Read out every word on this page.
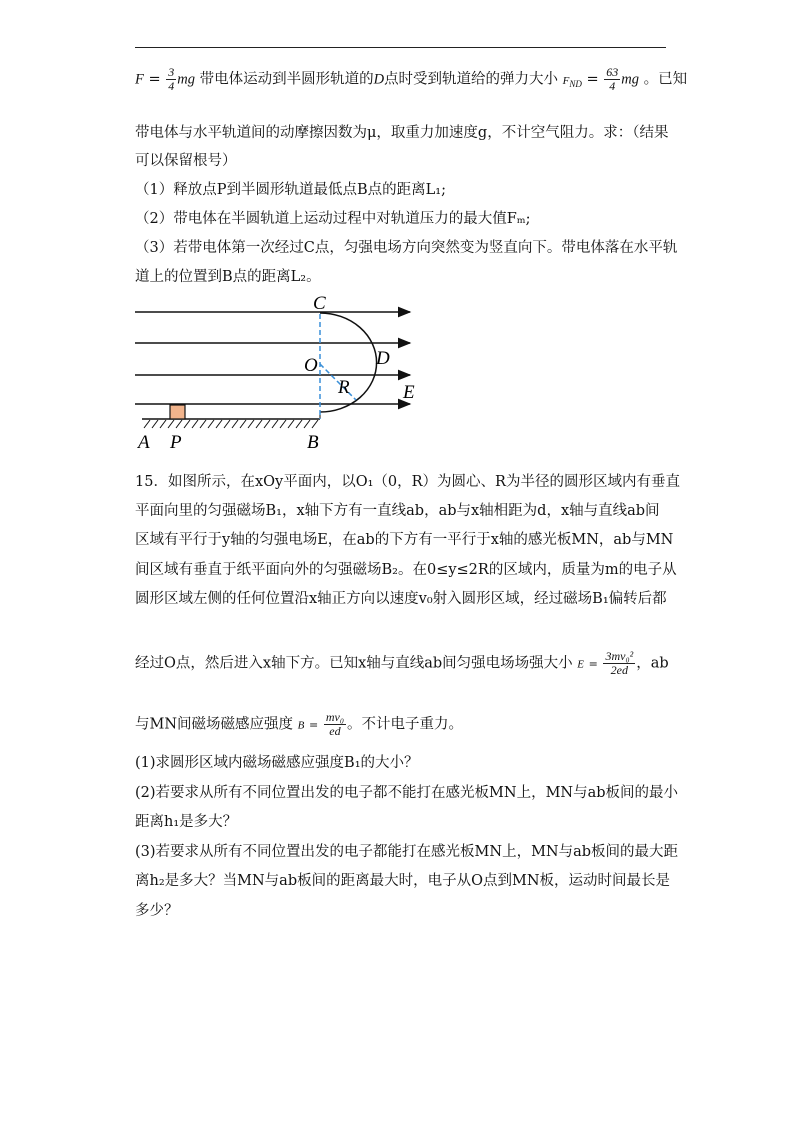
$F = \frac{3}{4}$ mg 带电体运动到半圆形轨道的D点时受到轨道给的弹力大小 $F_{ND} = \frac{63}{4}$ mg 。已知
带电体与水平轨道间的动摩擦因数为μ，取重力加速度g，不计空气阻力。求：（结果
可以保留根号）
（1）释放点P到半圆形轨道最低点B点的距离L₁;
（2）带电体在半圆轨道上运动过程中对轨道压力的最大值Fₘ;
（3）若带电体第一次经过C点，匀强电场方向突然变为竖直向下。带电体落在水平轨
道上的位置到B点的距离L₂。
C
O	D
R	E
A P	B
15．如图所示，在xOy平面内，以O₁（0，R）为圆心、R为半径的圆形区域内有垂直
平面向里的匀强磁场B₁，x轴下方有一直线ab，ab与x轴相距为d，x轴与直线ab间
区域有平行于y轴的匀强电场E，在ab的下方有一平行于x轴的感光板MN，ab与MN
间区域有垂直于纸平面向外的匀强磁场B₂。在0≤y≤2R的区域内，质量为m的电子从
圆形区域左侧的任何位置沿x轴正方向以速度v₀射入圆形区域，经过磁场B₁偏转后都
经过O点，然后进入x轴下方。已知x轴与直线ab间匀强电场场强大小 $E = \frac{\text{3mv₀²}}{2ed}$ ，ab
与MN间磁场磁感应强度 $B = \frac{\text{mv₀}}{ed}$ 。不计电子重力。
(1)求圆形区域内磁场磁感应强度B₁的大小？
(2)若要求从所有不同位置出发的电子都不能打在感光板MN上，MN与ab板间的最小
距离h₁是多大？
(3)若要求从所有不同位置出发的电子都能打在感光板MN上，MN与ab板间的最大距
离h₂是多大？当MN与ab板间的距离最大时，电子从O点到MN板，运动时间最长是
多少？
